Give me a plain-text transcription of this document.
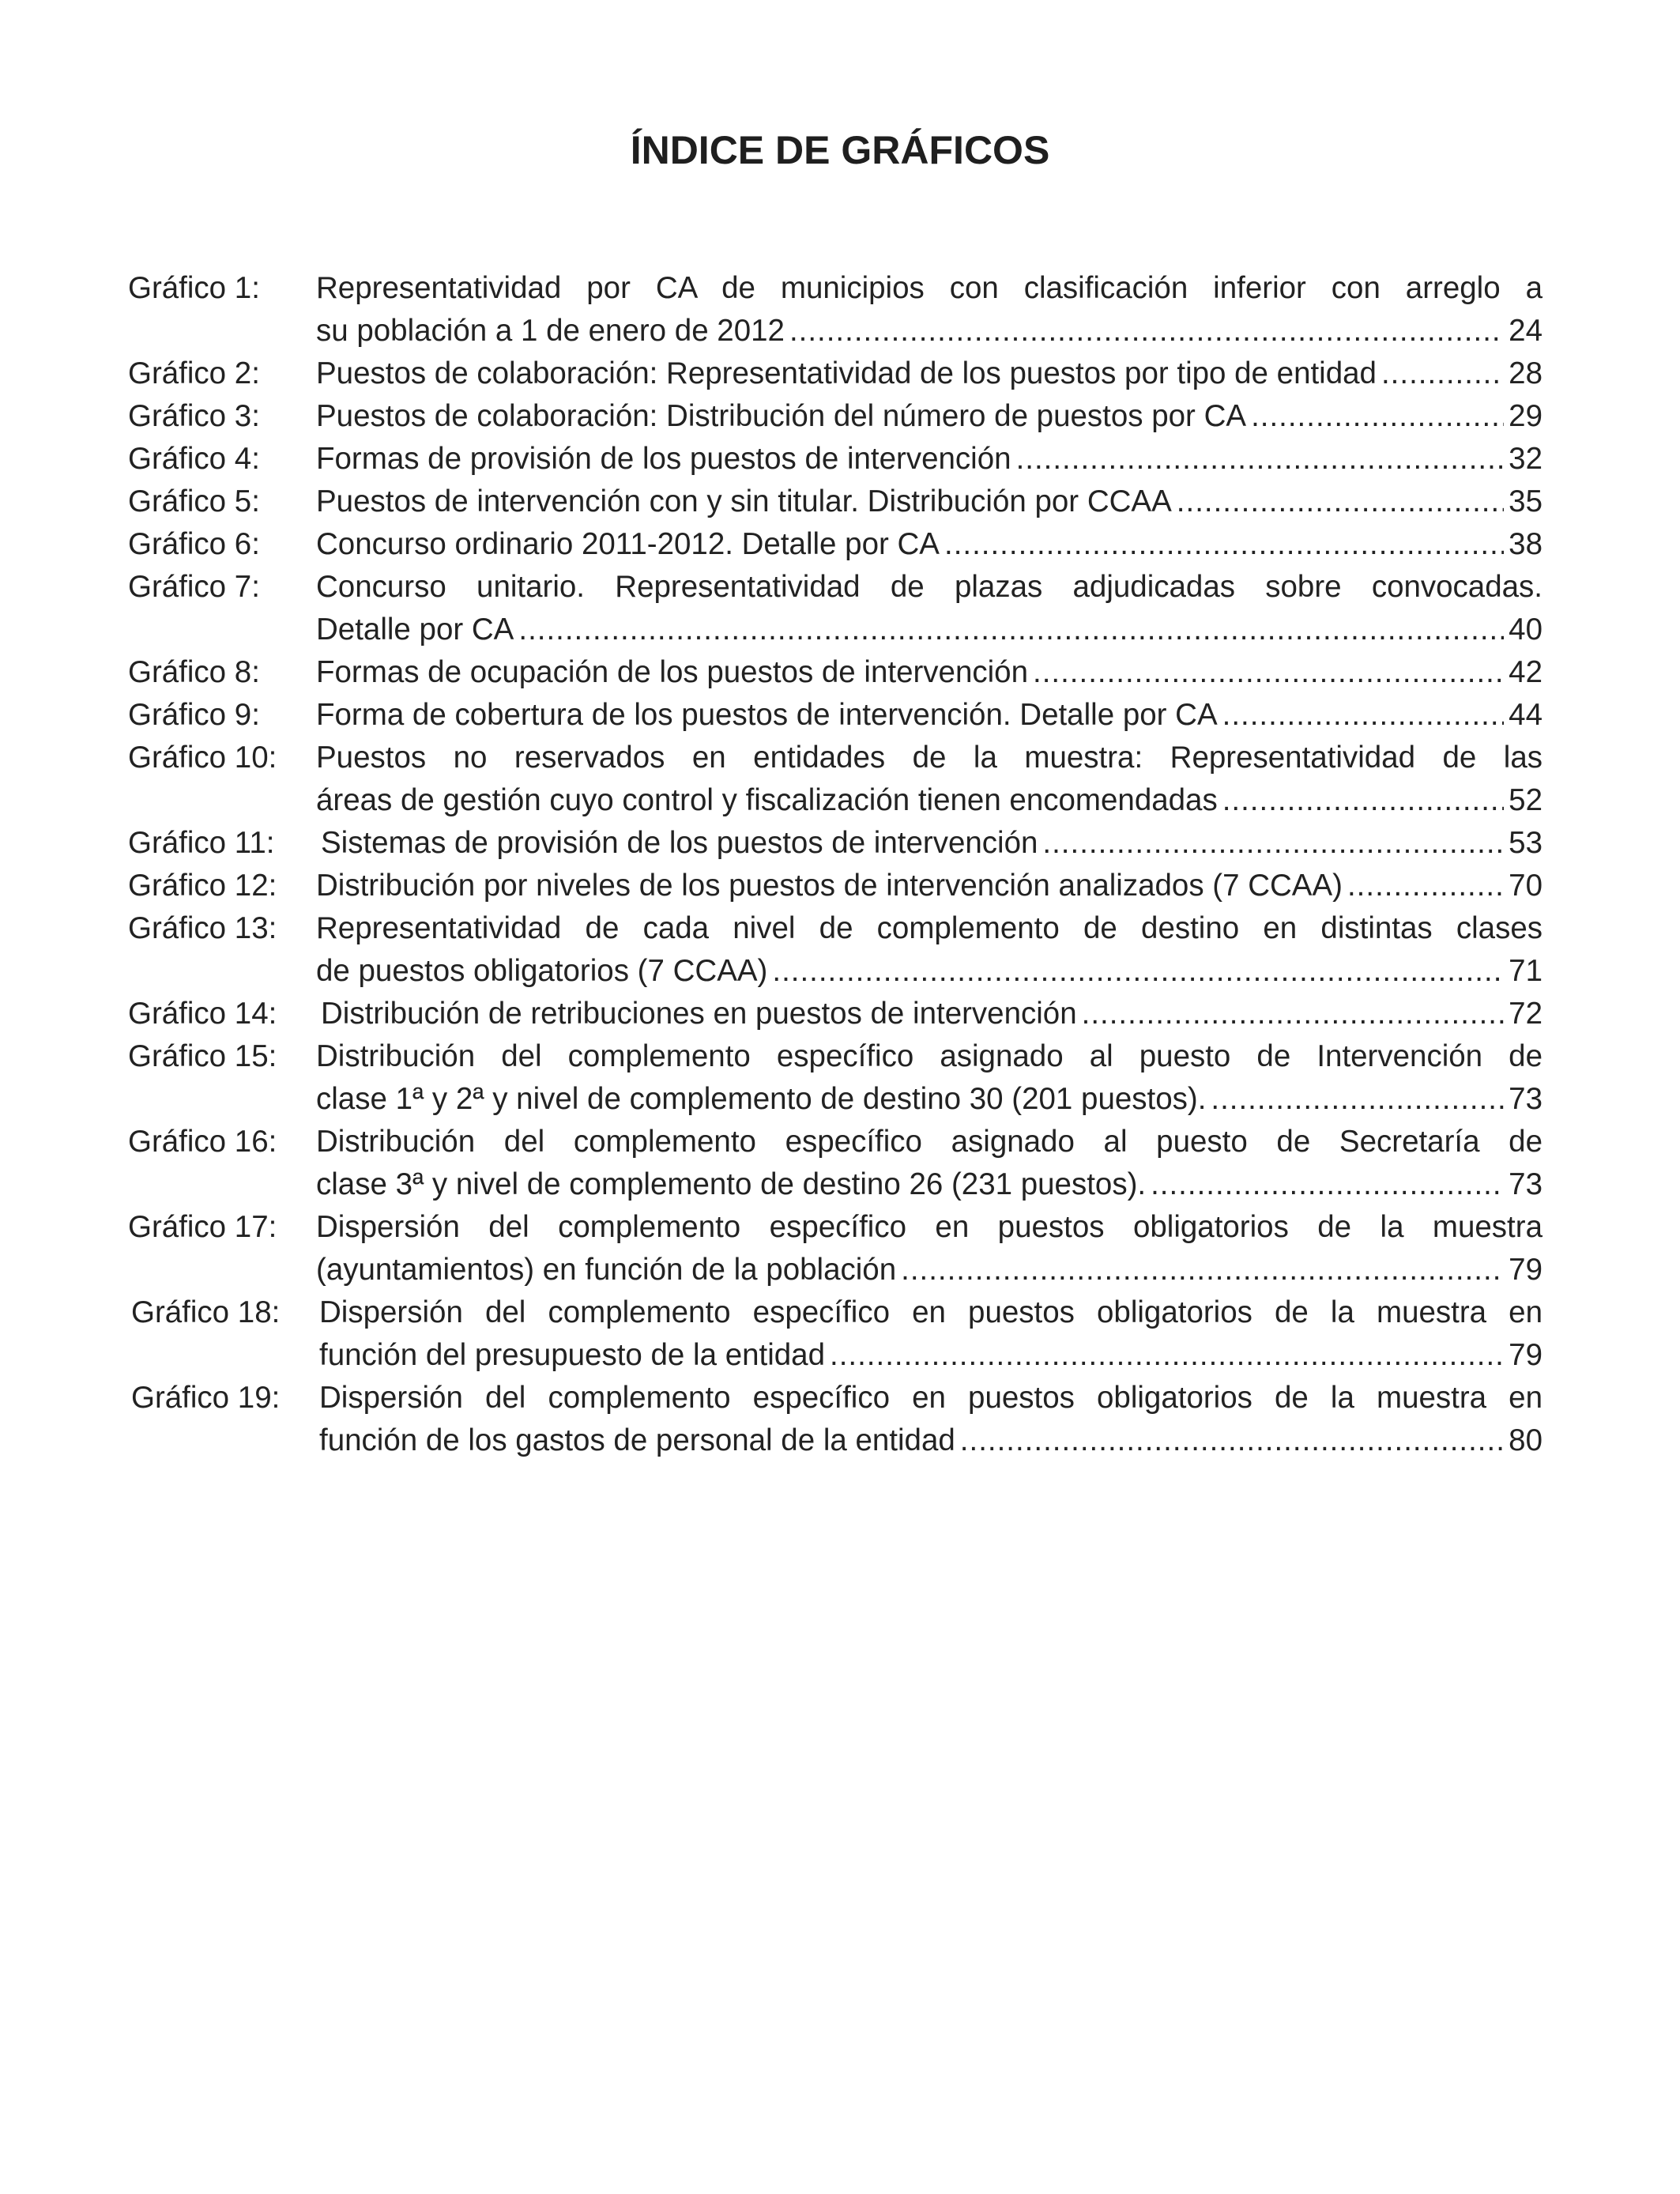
ÍNDICE DE GRÁFICOS
Gráfico 1:	Representatividad por CA de municipios con clasificación inferior con arreglo a
su población a 1 de enero de 2012 .....	24
Gráfico 2:	Puestos de colaboración: Representatividad de los puestos por tipo de entidad .....	28
Gráfico 3:	Puestos de colaboración: Distribución del número de puestos por CA .....	29
Gráfico 4:	Formas de provisión de los puestos de intervención .....	32
Gráfico 5:	Puestos de intervención con y sin titular. Distribución por CCAA .....	35
Gráfico 6:	Concurso ordinario 2011-2012. Detalle por CA .....	38
Gráfico 7:	Concurso unitario. Representatividad de plazas adjudicadas sobre convocadas.
Detalle por CA .....	40
Gráfico 8:	Formas de ocupación de los puestos de intervención .....	42
Gráfico 9:	Forma de cobertura de los puestos de intervención. Detalle por CA .....	44
Gráfico 10:	Puestos no reservados en entidades de la muestra: Representatividad de las
áreas de gestión cuyo control y fiscalización tienen encomendadas .....	52
Gráfico 11:	Sistemas de provisión de los puestos de intervención .....	53
Gráfico 12:	Distribución por niveles de los puestos de intervención analizados (7 CCAA) .....	70
Gráfico 13:	Representatividad de cada nivel de complemento de destino en distintas clases
de puestos obligatorios (7 CCAA) .....	71
Gráfico 14:	Distribución de retribuciones en puestos de intervención .....	72
Gráfico 15:	Distribución del complemento específico asignado al puesto de Intervención de
clase 1ª y 2ª y nivel de complemento de destino 30 (201 puestos). .....	73
Gráfico 16:	Distribución del complemento específico asignado al puesto de Secretaría de
clase 3ª y nivel de complemento de destino 26 (231 puestos). .....	73
Gráfico 17:	Dispersión del complemento específico en puestos obligatorios de la muestra
(ayuntamientos) en función de la población .....	79
Gráfico 18:	Dispersión del complemento específico en puestos obligatorios de la muestra en
función del presupuesto de la entidad .....	79
Gráfico 19:	Dispersión del complemento específico en puestos obligatorios de la muestra en
función de los gastos de personal de la entidad .....	80
